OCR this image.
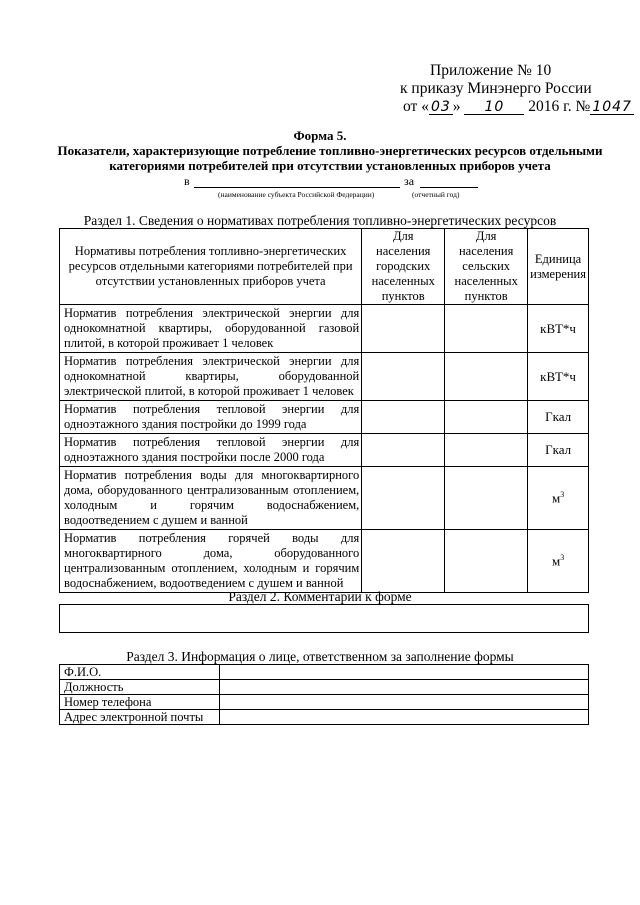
Приложение № 10
к приказу Минэнерго России
от « 03 » 10 2016 г. № 1047
Форма 5.
Показатели, характеризующие потребление топливно-энергетических ресурсов отдельными
категориями потребителей при отсутствии установленных приборов учета
в	за
(наименование субъекта Российской Федерации)	(отчетный год)
Раздел 1. Сведения о нормативах потребления топливно-энергетических ресурсов
Нормативы потребления топливно-энергетических ресурсов отдельными категориями потребителей при отсутствии установленных приборов учета	Для населения городских населенных пунктов	Для населения сельских населенных пунктов	Единица измерения

Норматив потребления электрической энергии для
однокомнатной квартиры, оборудованной газовой
плитой, в которой проживает 1 человек			кВТ*ч

Норматив потребления электрической энергии для
однокомнатной квартиры, оборудованной
электрической плитой, в которой проживает 1 человек			кВТ*ч

Норматив потребления тепловой энергии для
одноэтажного здания постройки до 1999 года			Гкал

Норматив потребления тепловой энергии для
одноэтажного здания постройки после 2000 года			Гкал

Норматив потребления воды для многоквартирного
дома, оборудованного централизованным отоплением,
холодным и горячим водоснабжением,
водоотведением с душем и ванной			$м^3$

Норматив потребления горячей воды для
многоквартирного дома, оборудованного
централизованным отоплением, холодным и горячим
водоснабжением, водоотведением с душем и ванной			$м^3$
Раздел 2. Комментарии к форме
Раздел 3. Информация о лице, ответственном за заполнение формы
Ф.И.О.	
Должность	
Номер телефона	
Адрес электронной почты	
